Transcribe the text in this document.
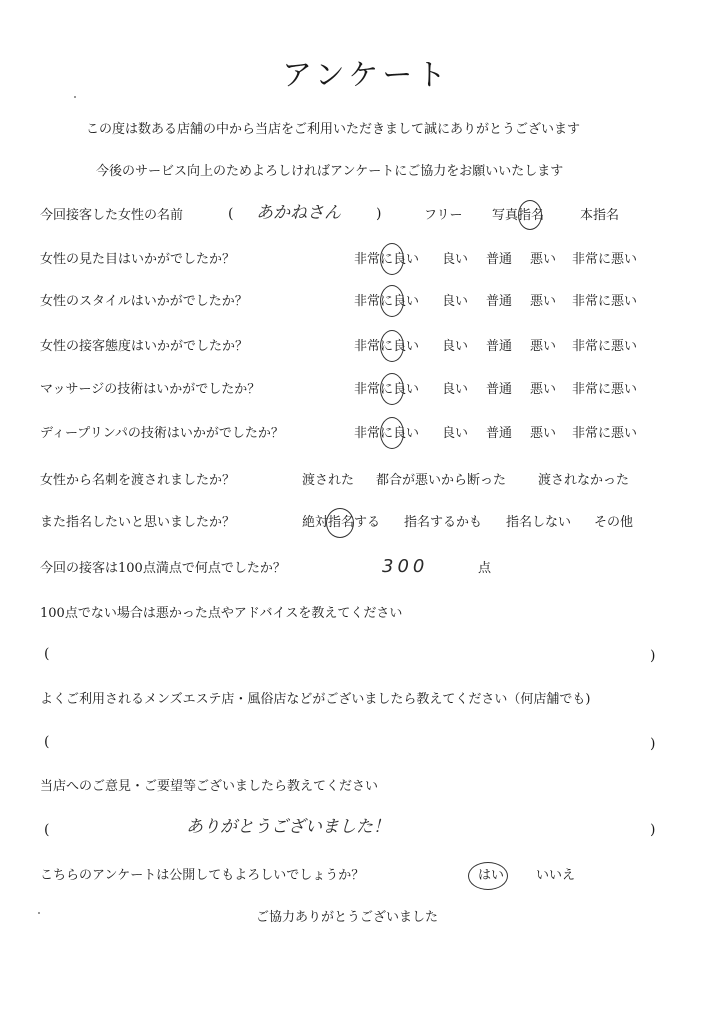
アンケート
この度は数ある店舗の中から当店をご利用いただきまして誠にありがとうございます
今後のサービス向上のためよろしければアンケートにご協力をお願いいたします
今回接客した女性の名前	( あかねさん	)	フリー 写真指名	本指名
女性の見た目はいかがでしたか？	非常に良い 良い 普通 悪い 非常に悪い
女性のスタイルはいかがでしたか？	非常に良い 良い 普通 悪い 非常に悪い
女性の接客態度はいかがでしたか？	非常に良い 良い 普通 悪い 非常に悪い
マッサージの技術はいかがでしたか？	非常に良い 良い 普通 悪い 非常に悪い
ディープリンパの技術はいかがでしたか？	非常に良い 良い 普通 悪い 非常に悪い
女性から名刺を渡されましたか？	渡された 都合が悪いから断った 渡されなかった
また指名したいと思いましたか？	絶対指名する 指名するかも 指名しない その他
今回の接客は100点満点で何点でしたか？	300	点
100点でない場合は悪かった点やアドバイスを教えてください
(	)
よくご利用されるメンズエステ店・風俗店などがございましたら教えてください（何店舗でも)
(	)
当店へのご意見・ご要望等ございましたら教えてください
(	ありがとうございました！	)
こちらのアンケートは公開してもよろしいでしょうか？	はい いいえ
ご協力ありがとうございました
